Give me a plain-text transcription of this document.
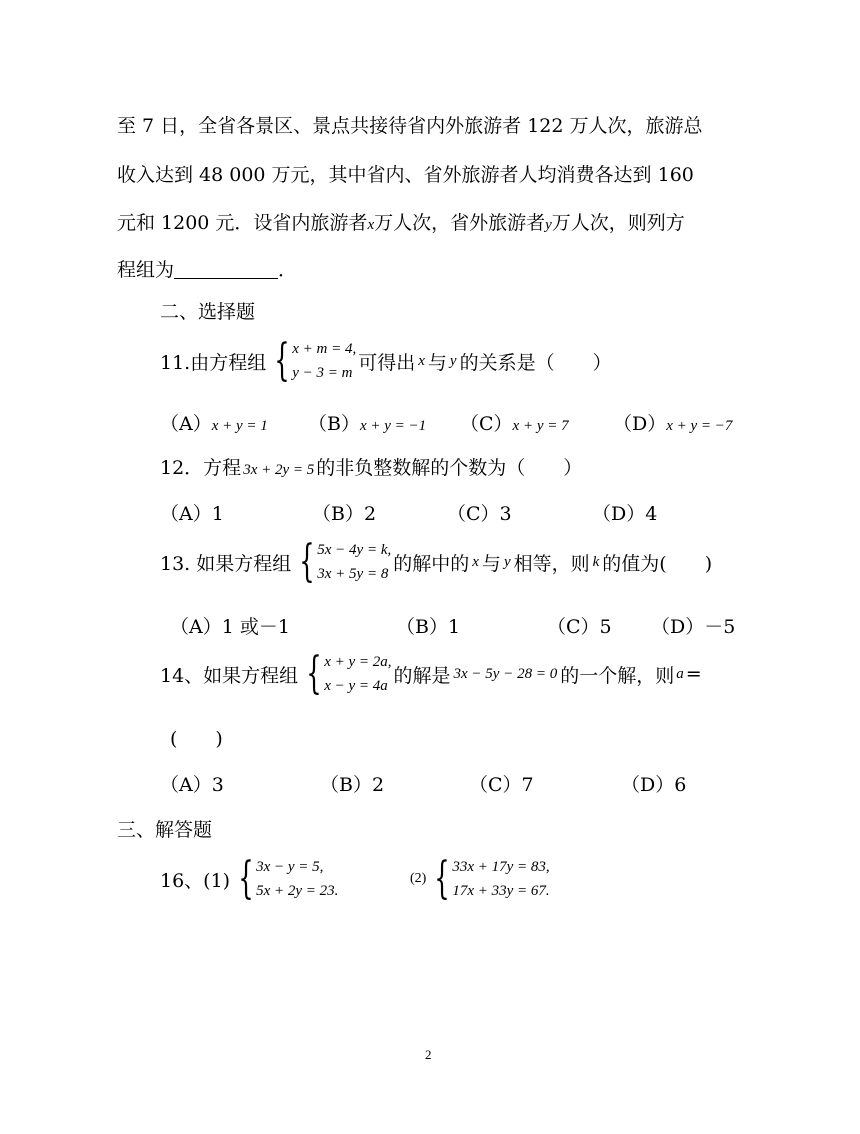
至 7 日，全省各景区、景点共接待省内外旅游者 122 万人次，旅游总
收入达到 48 000 万元，其中省内、省外旅游者人均消费各达到 160
元和 1200 元．设省内旅游者x万人次，省外旅游者y万人次，则列方
程组为	．
二、选择题
11.由方程组 { x + m = 4,
y − 3 = m 可得出 x 与 y 的关系是（　　）
（A）x + y = 1 （B）x + y = −1 （C）x + y = 7 （D）x + y = −7
12．方程 3x + 2y = 5 的非负整数解的个数为（　　）
（A）1	（B）2	（C）3	（D）4
13. 如果方程组 { 5x − 4y = k,
3x + 5y = 8 的解中的 x 与 y 相等，则 k 的值为(　　)
（A）1 或－1	（B）1	（C）5 （D）－5
14、如果方程组 { x + y = 2a,
x − y = 4a 的解是 3x − 5y − 28 = 0 的一个解，则 a =
(　　)
（A）3	（B）2	（C）7	（D）6
三、解答题
16、(1) { 3x − y = 5,
5x + 2y = 23.
(2) { 33x + 17y = 83,
17x + 33y = 67.
2
